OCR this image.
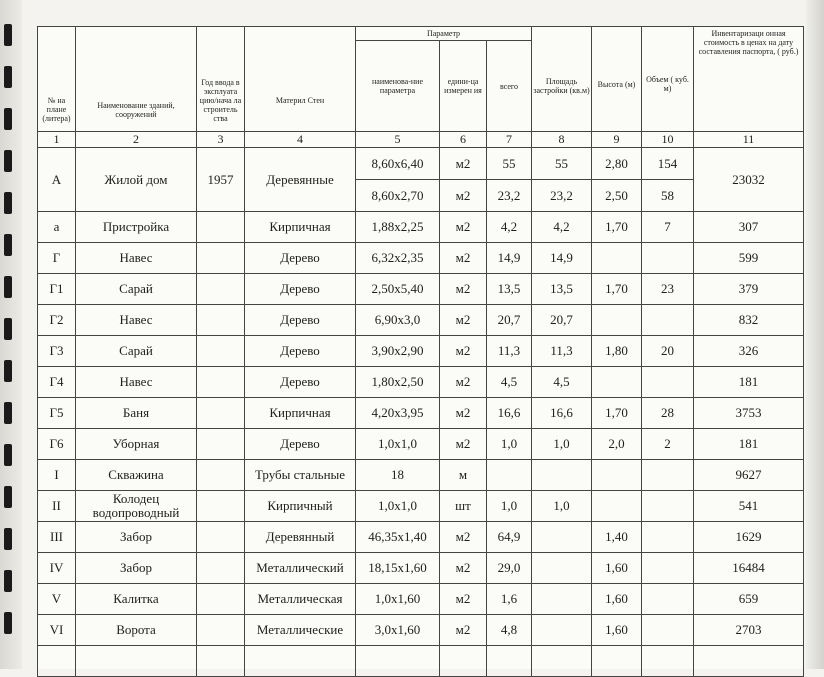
№ на плане (литера)	Наименование зданий, сооружений	Год ввода в эксплуата цию/нача ла строитель ства	Материл Стен	Параметр			Площадь застройки (кв.м)	Высота (м)	Объем ( куб. м)	Инвентаризаци онная стоимость в ценах на дату составления паспорта, ( руб.)
				наименова-ние параметра	едини-ца измерен ия	всего				
1	2	3	4	5	6	7	8	9	10	11
А	Жилой дом	1957	Деревянные	8,60x6,40	м2	55	55	2,80	154	23032
				8,60x2,70	м2	23,2	23,2	2,50	58	
а	Пристройка		Кирпичная	1,88x2,25	м2	4,2	4,2	1,70	7	307
Г	Навес		Дерево	6,32x2,35	м2	14,9	14,9			599
Г1	Сарай		Дерево	2,50x5,40	м2	13,5	13,5	1,70	23	379
Г2	Навес		Дерево	6,90x3,0	м2	20,7	20,7			832
Г3	Сарай		Дерево	3,90x2,90	м2	11,3	11,3	1,80	20	326
Г4	Навес		Дерево	1,80x2,50	м2	4,5	4,5			181
Г5	Баня		Кирпичная	4,20x3,95	м2	16,6	16,6	1,70	28	3753
Г6	Уборная		Дерево	1,0x1,0	м2	1,0	1,0	2,0	2	181
I	Скважина		Трубы стальные	18	м					9627
II	Колодец водопроводный		Кирпичный	1,0x1,0	шт	1,0	1,0			541
III	Забор		Деревянный	46,35x1,40	м2	64,9		1,40		1629
IV	Забор		Металлический	18,15x1,60	м2	29,0		1,60		16484
V	Калитка		Металлическая	1,0x1,60	м2	1,6		1,60		659
VI	Ворота		Металлические	3,0x1,60	м2	4,8		1,60		2703
